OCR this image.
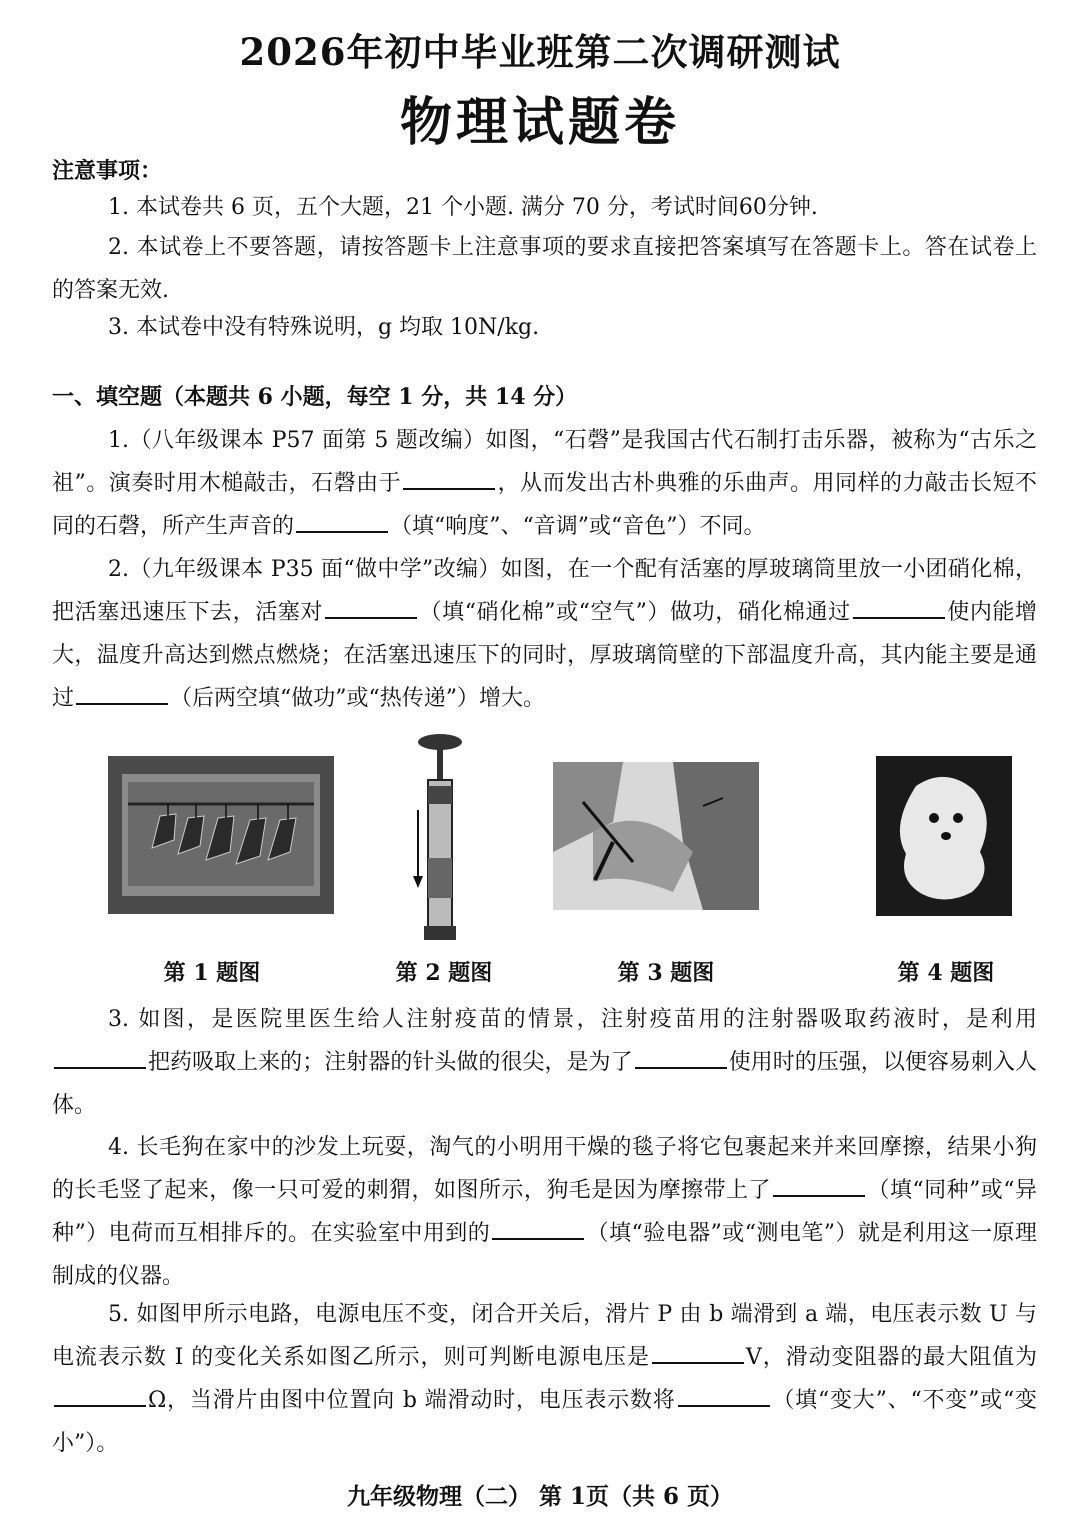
2026年初中毕业班第二次调研测试
物理试题卷
注意事项：
1. 本试卷共 6 页，五个大题，21 个小题. 满分 70 分，考试时间60分钟.
2. 本试卷上不要答题，请按答题卡上注意事项的要求直接把答案填写在答题卡上。答在试卷上的答案无效.
3. 本试卷中没有特殊说明，g 均取 10N/kg.
一、填空题（本题共 6 小题，每空 1 分，共 14 分）
1.（八年级课本 P57 面第 5 题改编）如图，“石磬”是我国古代石制打击乐器，被称为“古乐之祖”。演奏时用木槌敲击，石磬由于	，从而发出古朴典雅的乐曲声。用同样的力敲击长短不同的石磬，所产生声音的	（填“响度”、“音调”或“音色”）不同。
2.（九年级课本 P35 面“做中学”改编）如图，在一个配有活塞的厚玻璃筒里放一小团硝化棉，把活塞迅速压下去，活塞对	（填“硝化棉”或“空气”）做功，硝化棉通过	使内能增大，温度升高达到燃点燃烧；在活塞迅速压下的同时，厚玻璃筒壁的下部温度升高，其内能主要是通过	（后两空填“做功”或“热传递”）增大。
第 1 题图	第 2 题图	第 3 题图	第 4 题图
3. 如图，是医院里医生给人注射疫苗的情景，注射疫苗用的注射器吸取药液时，是利用把药吸取上来的；注射器的针头做的很尖，是为了	使用时的压强，以便容易刺入人体。
4. 长毛狗在家中的沙发上玩耍，淘气的小明用干燥的毯子将它包裹起来并来回摩擦，结果小狗的长毛竖了起来，像一只可爱的刺猬，如图所示，狗毛是因为摩擦带上了	（填“同种”或“异种”）电荷而互相排斥的。在实验室中用到的	（填“验电器”或“测电笔”）就是利用这一原理制成的仪器。
5. 如图甲所示电路，电源电压不变，闭合开关后，滑片 P 由 b 端滑到 a 端，电压表示数 U 与电流表示数 I 的变化关系如图乙所示，则可判断电源电压是	V，滑动变阻器的最大阻值为Ω，当滑片由图中位置向 b 端滑动时，电压表示数将	（填“变大”、“不变”或“变小”）。
九年级物理（二） 第 1页（共 6 页）
